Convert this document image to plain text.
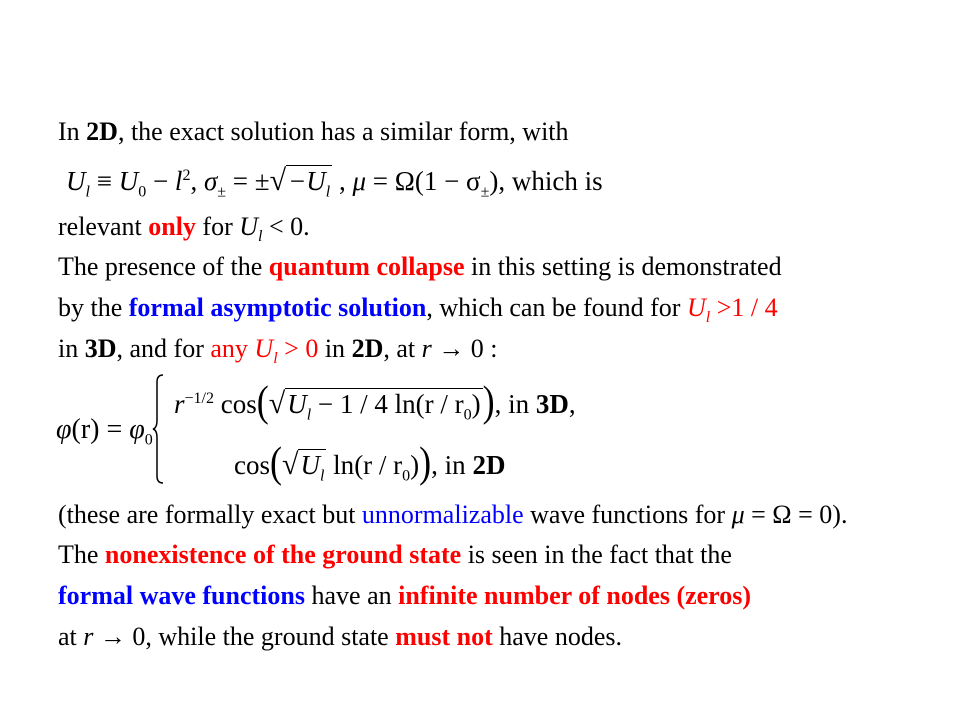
In 2D, the exact solution has a similar form, with
$U_l \equiv U_0 - l^2$, $\sigma_\pm = \pm√-U_l$ , $\mu = \Omega(1 - \sigma_\pm)$, which is
relevant only for $U_l < 0$.
The presence of the quantum collapse in this setting is demonstrated
by the formal asymptotic solution, which can be found for $U_l >1 / 4$
in 3D, and for any $U_l > 0$ in 2D, at r → 0 :
$\varphi(r) = \varphi_0$
$r^{-1/2}$ $\cos(√U_l - 1 / 4$ $\ln(r / r_0)$), in 3D,
$\cos(√U_l$ $\ln(r / r_0)$), in 2D
(these are formally exact but unnormalizable wave functions for μ = Ω = 0).
The nonexistence of the ground state is seen in the fact that the
formal wave functions have an infinite number of nodes (zeros)
at r → 0, while the ground state must not have nodes.
